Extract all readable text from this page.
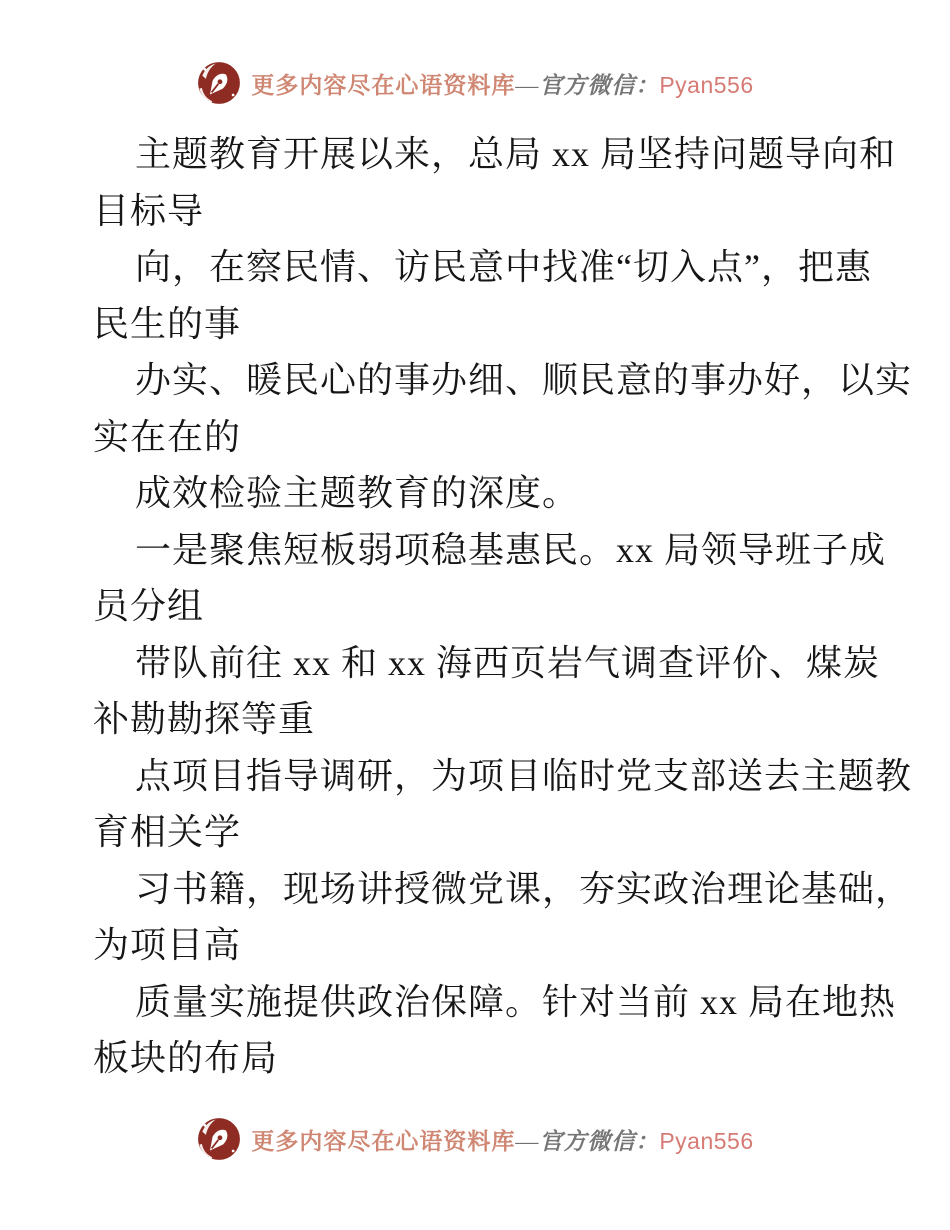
更多内容尽在心语资料库—官方微信：Pyan556
主题教育开展以来，总局 xx 局坚持问题导向和
目标导
向，在察民情、访民意中找准“切入点”，把惠
民生的事
办实、暖民心的事办细、顺民意的事办好，以实
实在在的
成效检验主题教育的深度。
一是聚焦短板弱项稳基惠民。xx 局领导班子成
员分组
带队前往 xx 和 xx 海西页岩气调查评价、煤炭
补勘勘探等重
点项目指导调研，为项目临时党支部送去主题教
育相关学
习书籍，现场讲授微党课，夯实政治理论基础，
为项目高
质量实施提供政治保障。针对当前 xx 局在地热
板块的布局
更多内容尽在心语资料库—官方微信：Pyan556
